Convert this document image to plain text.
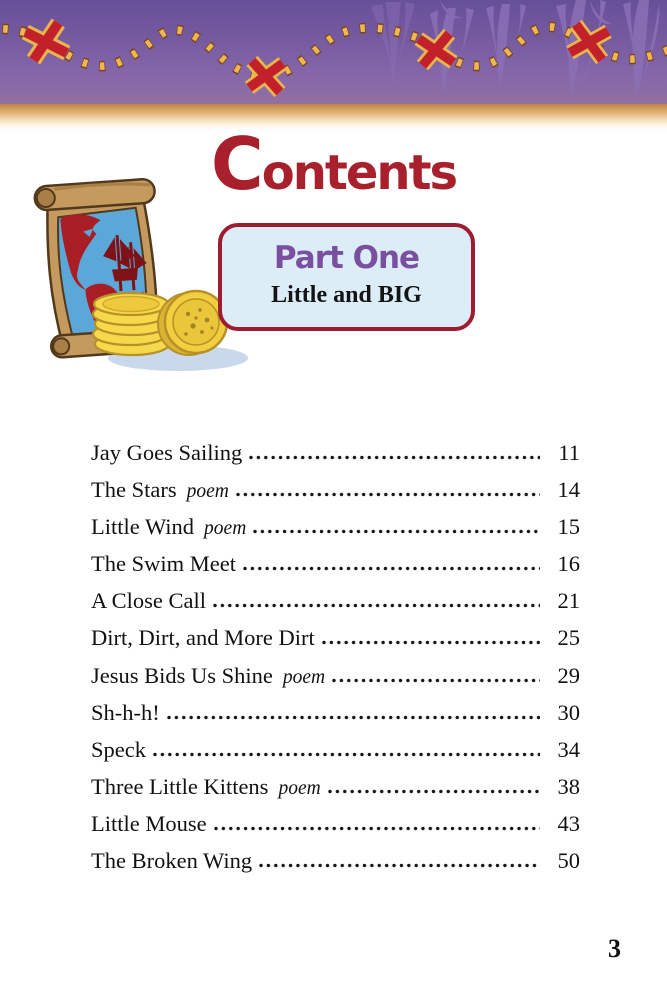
Contents
Part One
Little and BIG
Jay Goes Sailing	11
The Stars poem	14
Little Wind poem	15
The Swim Meet	16
A Close Call	21
Dirt, Dirt, and More Dirt	25
Jesus Bids Us Shine poem	29
Sh-h-h!	30
Speck	34
Three Little Kittens poem	38
Little Mouse	43
The Broken Wing	50
3
